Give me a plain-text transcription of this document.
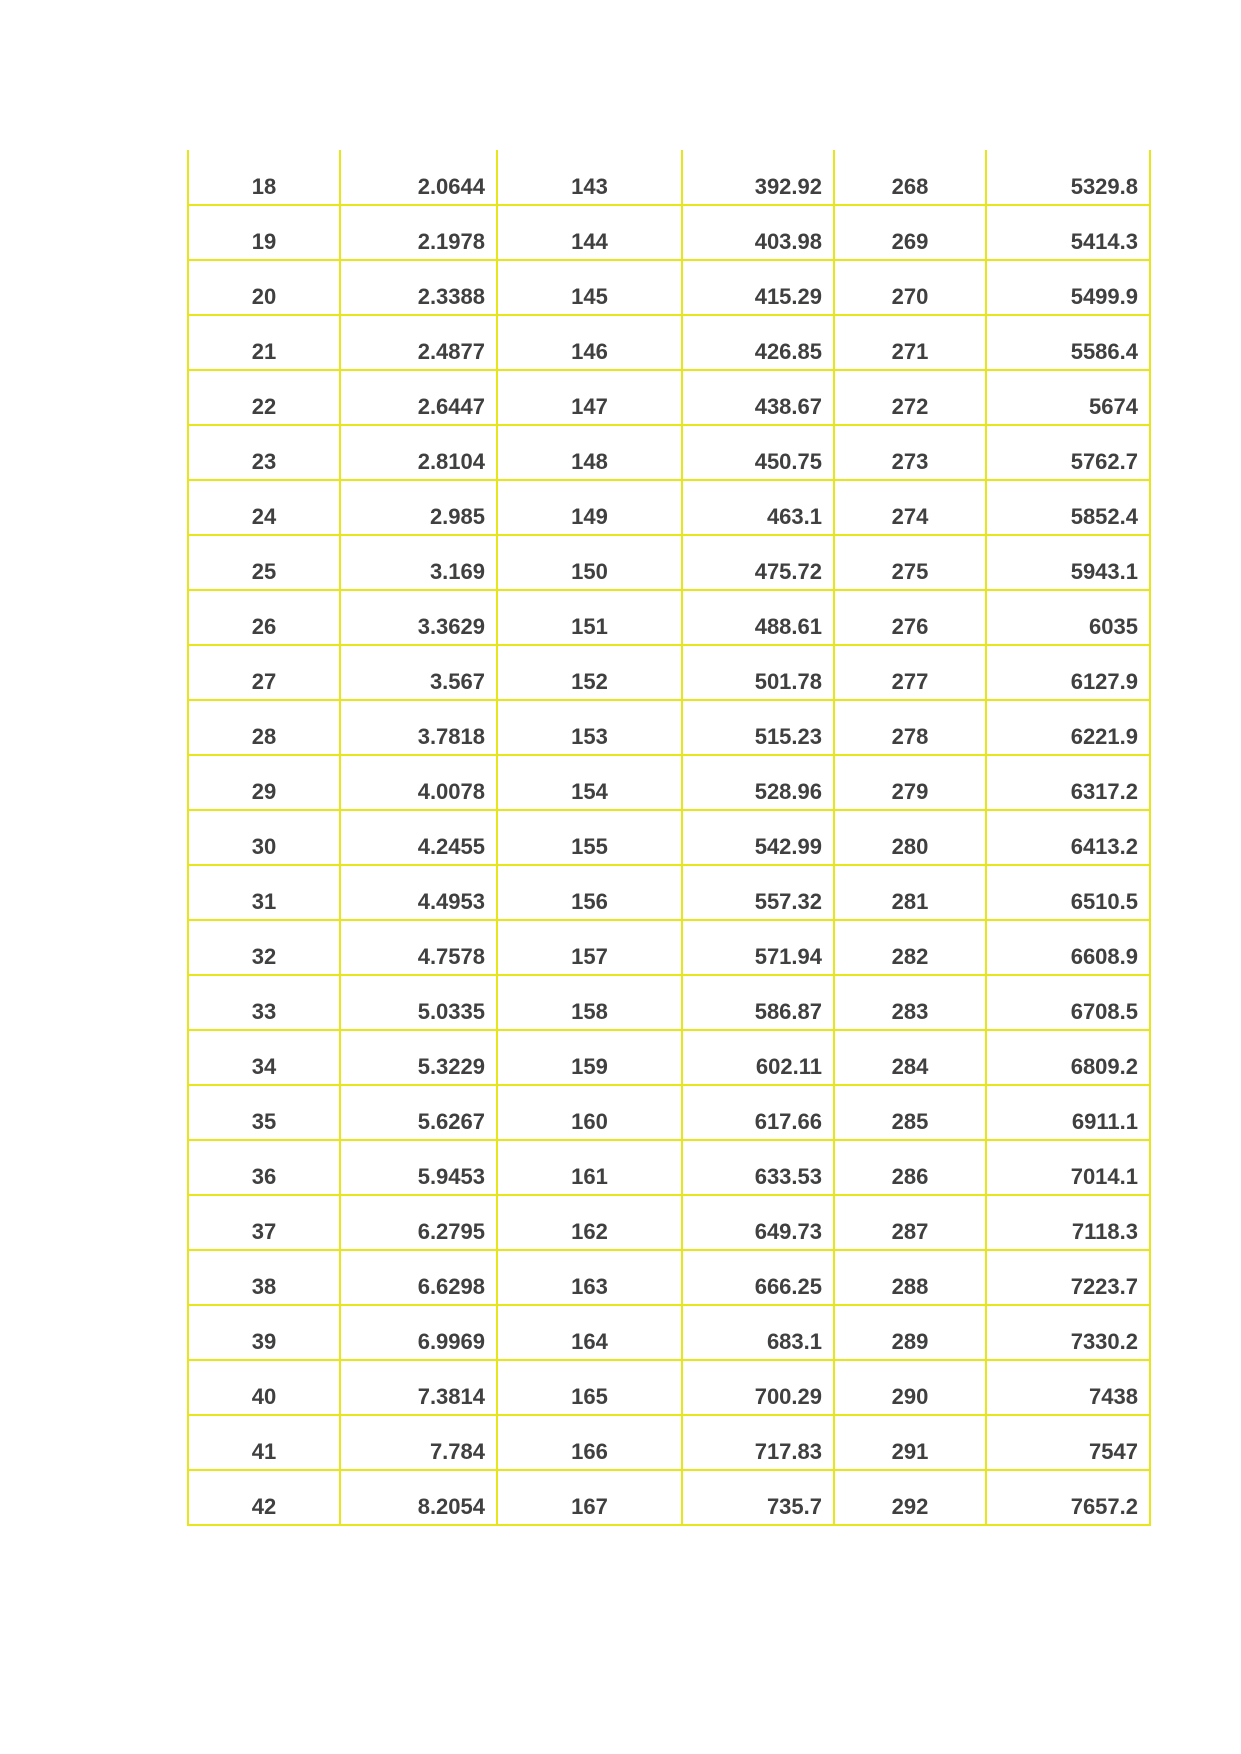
18	2.0644	143	392.92	268	5329.8
19	2.1978	144	403.98	269	5414.3
20	2.3388	145	415.29	270	5499.9
21	2.4877	146	426.85	271	5586.4
22	2.6447	147	438.67	272	5674
23	2.8104	148	450.75	273	5762.7
24	2.985	149	463.1	274	5852.4
25	3.169	150	475.72	275	5943.1
26	3.3629	151	488.61	276	6035
27	3.567	152	501.78	277	6127.9
28	3.7818	153	515.23	278	6221.9
29	4.0078	154	528.96	279	6317.2
30	4.2455	155	542.99	280	6413.2
31	4.4953	156	557.32	281	6510.5
32	4.7578	157	571.94	282	6608.9
33	5.0335	158	586.87	283	6708.5
34	5.3229	159	602.11	284	6809.2
35	5.6267	160	617.66	285	6911.1
36	5.9453	161	633.53	286	7014.1
37	6.2795	162	649.73	287	7118.3
38	6.6298	163	666.25	288	7223.7
39	6.9969	164	683.1	289	7330.2
40	7.3814	165	700.29	290	7438
41	7.784	166	717.83	291	7547
42	8.2054	167	735.7	292	7657.2
